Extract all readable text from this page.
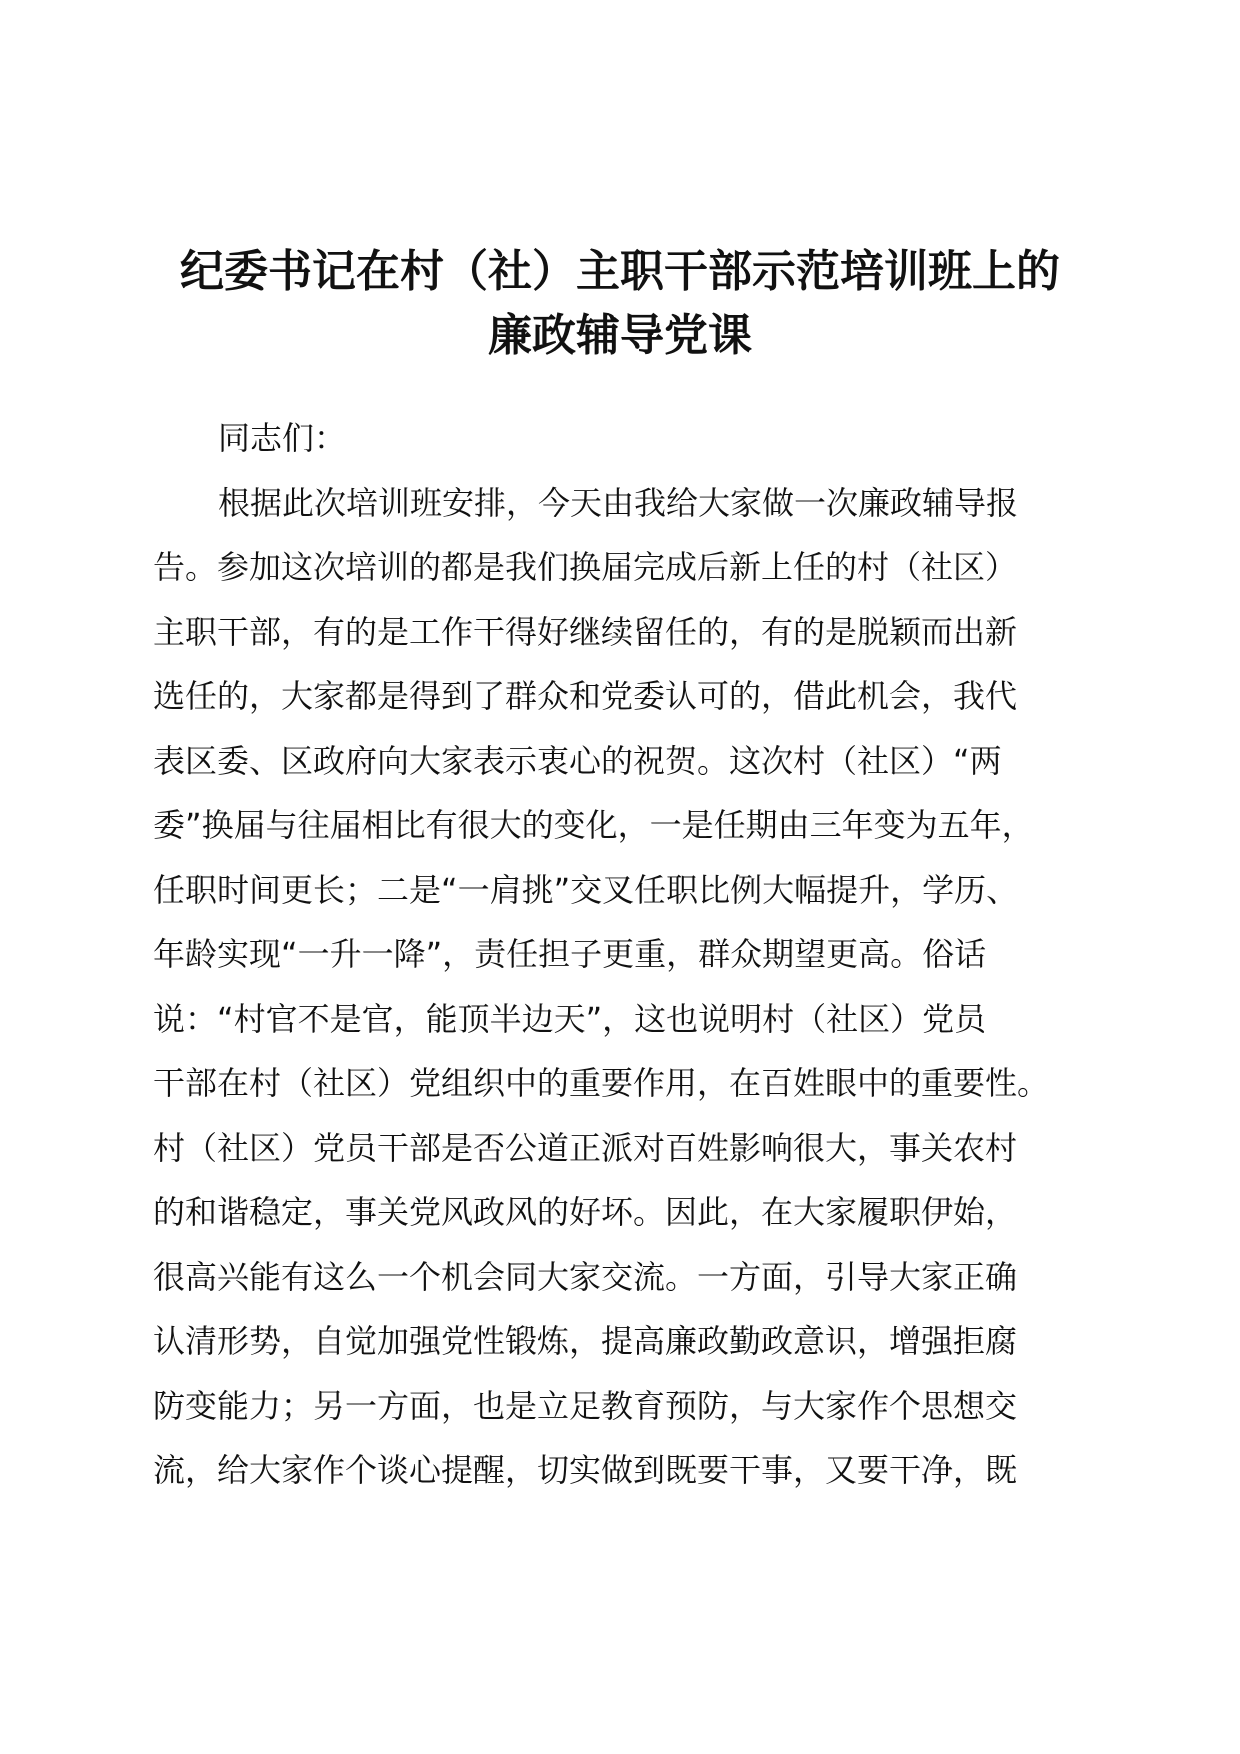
纪委书记在村（社）主职干部示范培训班上的
廉政辅导党课
同志们：
根据此次培训班安排，今天由我给大家做一次廉政辅导报
告。参加这次培训的都是我们换届完成后新上任的村（社区）
主职干部，有的是工作干得好继续留任的，有的是脱颖而出新
选任的，大家都是得到了群众和党委认可的，借此机会，我代
表区委、区政府向大家表示衷心的祝贺。这次村（社区）“两
委”换届与往届相比有很大的变化，一是任期由三年变为五年，
任职时间更长；二是“一肩挑”交叉任职比例大幅提升，学历、
年龄实现“一升一降”，责任担子更重，群众期望更高。俗话
说：“村官不是官，能顶半边天”，这也说明村（社区）党员
干部在村（社区）党组织中的重要作用，在百姓眼中的重要性。
村（社区）党员干部是否公道正派对百姓影响很大，事关农村
的和谐稳定，事关党风政风的好坏。因此，在大家履职伊始，
很高兴能有这么一个机会同大家交流。一方面，引导大家正确
认清形势，自觉加强党性锻炼，提高廉政勤政意识，增强拒腐
防变能力；另一方面，也是立足教育预防，与大家作个思想交
流，给大家作个谈心提醒，切实做到既要干事，又要干净，既
